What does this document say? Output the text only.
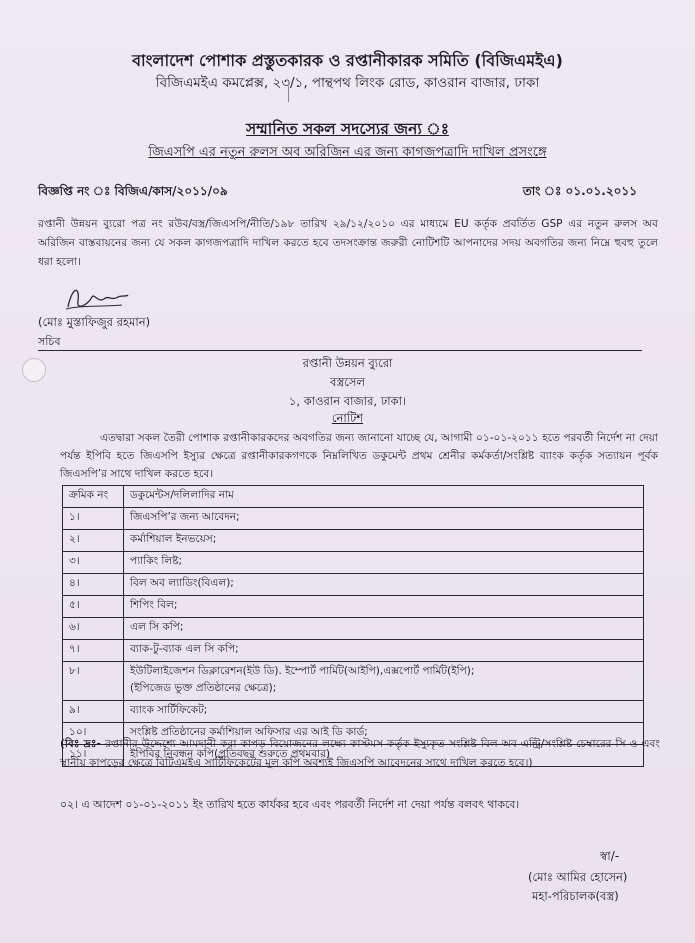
বাংলাদেশ পোশাক প্রস্তুতকারক ও রপ্তানীকারক সমিতি (বিজিএমইএ)
বিজিএমইএ কমপ্লেক্স, ২৩/১, পান্থপথ লিংক রোড, কাওরান বাজার, ঢাকা
সম্মানিত সকল সদস্যের জন্য ঃ
জিএসপি এর নতুন রুলস অব অরিজিন এর জন্য কাগজপত্রাদি দাখিল প্রসংঙ্গে
বিজ্ঞপ্তি নং ঃ বিজিএ/কাস/২০১১/০৯	তাং ঃ ০১.০১.২০১১
রপ্তানী উন্নয়ন ব্যুরো পত্র নং রউব/বস্ত্র/জিএসপি/নীতি/১৯৮ তারিখ ২৯/১২/২০১০ এর মাধ্যমে EU কর্তৃক প্রবর্তিত GSP এর নতুন রুলস অব অরিজিন বাস্তবায়নের জন্য যে সকল কাগজপত্রাদি দাখিল করতে হবে তদসংক্রান্ত জরুরী নোটিশটি আপনাদের সদয় অবগতির জন্য নিম্নে হুবহু তুলে ধরা হলো।
(মোঃ মুস্তাফিজুর রহমান)
সচিব
রপ্তানী উন্নয়ন ব্যুরো
বস্ত্রসেল
১, কাওরান বাজার, ঢাকা।
নোটিশ
এতদ্বারা সকল তৈরী পোশাক রপ্তানীকারকদের অবগতির জন্য জানানো যাচ্ছে যে, আগামী ০১-০১-২০১১ হতে পরবর্তী নির্দেশ না দেয়া পর্যন্ত ইপিবি হতে জিএসপি ইস্যুর ক্ষেত্রে রপ্তানীকারকগণকে নিম্নলিখিত ডকুমেন্ট প্রথম শ্রেনীর কর্মকর্তা/সংশ্লিষ্ট ব্যাংক কর্তৃক সত্যায়ন পূর্বক জিএসপি’র সাথে দাখিল করতে হবে।
ক্রমিক নং	ডকুমেন্টস/দলিলাদির নাম
১।	জিএসপি’র জন্য আবেদন;
২।	কর্মাশিয়াল ইনভয়েস;
৩।	প্যাকিং লিষ্ট;
৪।	বিল অব ল্যাডিং(বিএল);
৫।	শিপিং বিল;
৬।	এল সি কপি;
৭।	ব্যাক-টু-ব্যাক এল সি কপি;
৮।	ইউটিলাইজেশন ডিক্লারেশন(ইউ ডি). ইম্পোর্ট পার্মিট(আইপি),এক্সপোর্ট পার্মিট(ইপি);
(ইপিজেড ভুক্ত প্রতিষ্ঠানের ক্ষেত্রে);

৯।	ব্যাংক সার্টিফিকেট;
১০।	সংশ্লিষ্ট প্রতিষ্ঠানের কর্মাশিয়াল অফিসার এর আই ডি কার্ড;
১১।	ইপিবির নিবন্ধন কপি(প্রতিবছর শুরুতে প্রথমবার)
(বিঃ দ্রঃ- রপ্তানীর উদ্দেশ্যে আমদানী করা কাপড় বিয়োজনের লক্ষ্যে কাস্টমস কর্তৃক ইস্যুকৃত সংশ্লিষ্ট বিল অব এন্ট্রি/সংশ্লিষ্ট চেম্বারের সি ও এবং স্থানীয় কাপড়ের ক্ষেত্রে বিটিএমইএ সার্টিফিকেটের মূল কপি অবশ্যই জিএসপি আবেদনের সাথে দাখিল করতে হবে।)
০২। এ আদেশ ০১-০১-২০১১ ইং তারিখ হতে কার্যকর হবে এবং পরবর্তী নির্দেশ না দেয়া পর্যন্ত বলবৎ থাকবে।
স্বা/-
(মোঃ আমির হোসেন)
মহা-পরিচালক(বস্ত্র)
